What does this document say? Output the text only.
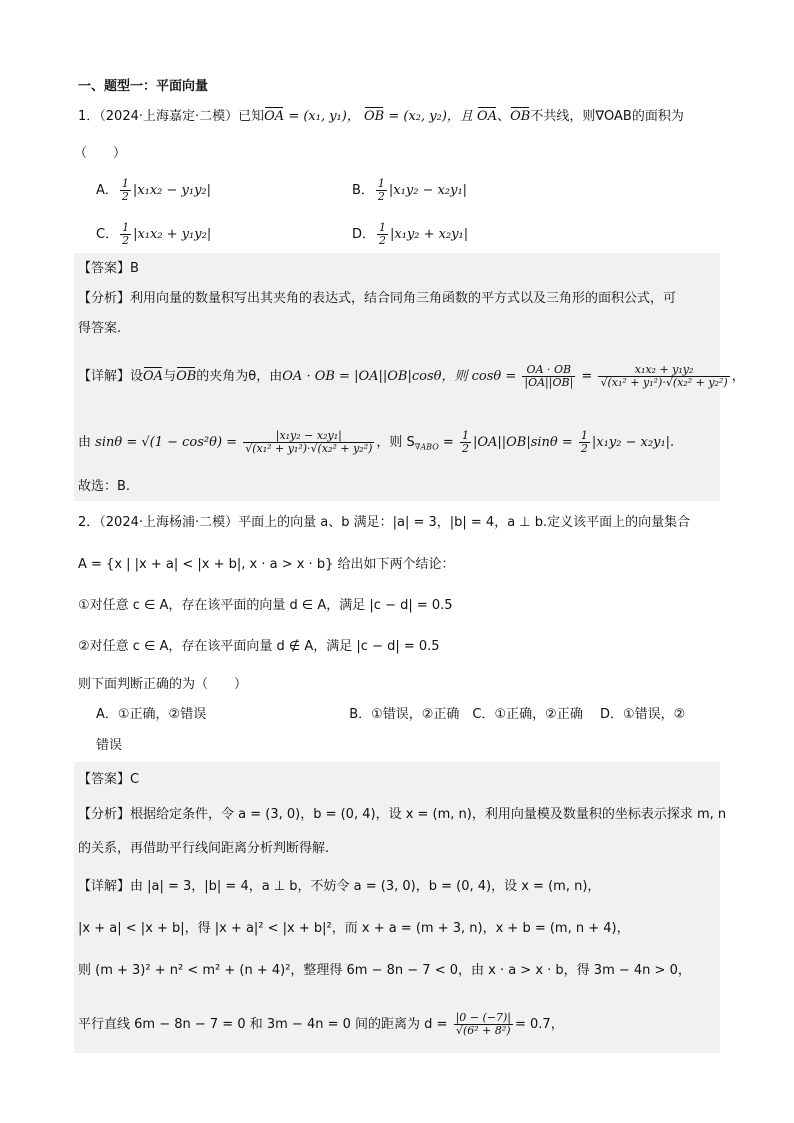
一、题型一：平面向量
1．（2024·上海嘉定·二模）已知OA = (x₁, y₁)， OB = (x₂, y₂)，且 OA、OB不共线，则∇OAB的面积为
（　　）
A． $\frac{1}{2} |x_1x_2 - y_1y_2|$	B． $\frac{1}{2} |x_1y_2 - x_2y_1|$
C． $\frac{1}{2} |x_1x_2 + y_1y_2|$	D． $\frac{1}{2} |x_1y_2 + x_2y_1|$
【答案】B
【分析】利用向量的数量积写出其夹角的表达式，结合同角三角函数的平方式以及三角形的面积公式，可
得答案.
【详解】设OA与OB的夹角为θ，由OA · OB = |OA||OB|cosθ，则 $\cos\theta = \frac{OA \cdot OB}{|OA||OB|} = \frac{\text{x₁x₂ + y₁y₂}}{\text{√(x₁² + y₁²)·√(x₂² + y₂²)}}$ ，
由 $\sin\theta = √(1 - \cos^2\theta) = \frac{\text{|x₁y₂ − x₂y₁|}}{\text{√(x₁² + y₁²)·√(x₂² + y₂²)}}$ ，则 $S_{\nabla ABO} = \frac{1}{2} |OA||OB|\sin\theta = \frac{1}{2} |x_1y_2 - x_2y_1|$.
故选：B.
2．（2024·上海杨浦·二模）平面上的向量 a、b 满足：|a| = 3，|b| = 4，a ⊥ b.定义该平面上的向量集合
A = {x | |x + a| < |x + b|, x · a > x · b} 给出如下两个结论：
①对任意 c ∈ A，存在该平面的向量 d ∈ A，满足 |c − d| = 0.5
②对任意 c ∈ A，存在该平面向量 d ∉ A，满足 |c − d| = 0.5
则下面判断正确的为（　　）
A．①正确，②错误　　　　　　　　　　　B．①错误，②正确　C．①正确，②正确　 D．①错误，②
错误
【答案】C
【分析】根据给定条件，令 a = (3, 0)，b = (0, 4)，设 x = (m, n)，利用向量模及数量积的坐标表示探求 m, n
的关系，再借助平行线间距离分析判断得解.
【详解】由 |a| = 3，|b| = 4，a ⊥ b，不妨令 a = (3, 0)，b = (0, 4)，设 x = (m, n)，
|x + a| < |x + b|，得 |x + a|² < |x + b|²，而 x + a = (m + 3, n)，x + b = (m, n + 4)，
则 (m + 3)² + n² < m² + (n + 4)²，整理得 6m − 8n − 7 < 0，由 x · a > x · b，得 3m − 4n > 0，
平行直线 6m − 8n − 7 = 0 和 3m − 4n = 0 间的距离为 $d = \frac{|0 - (-7)|}{\text{√(6² + 8²)}} = 0.7$，
